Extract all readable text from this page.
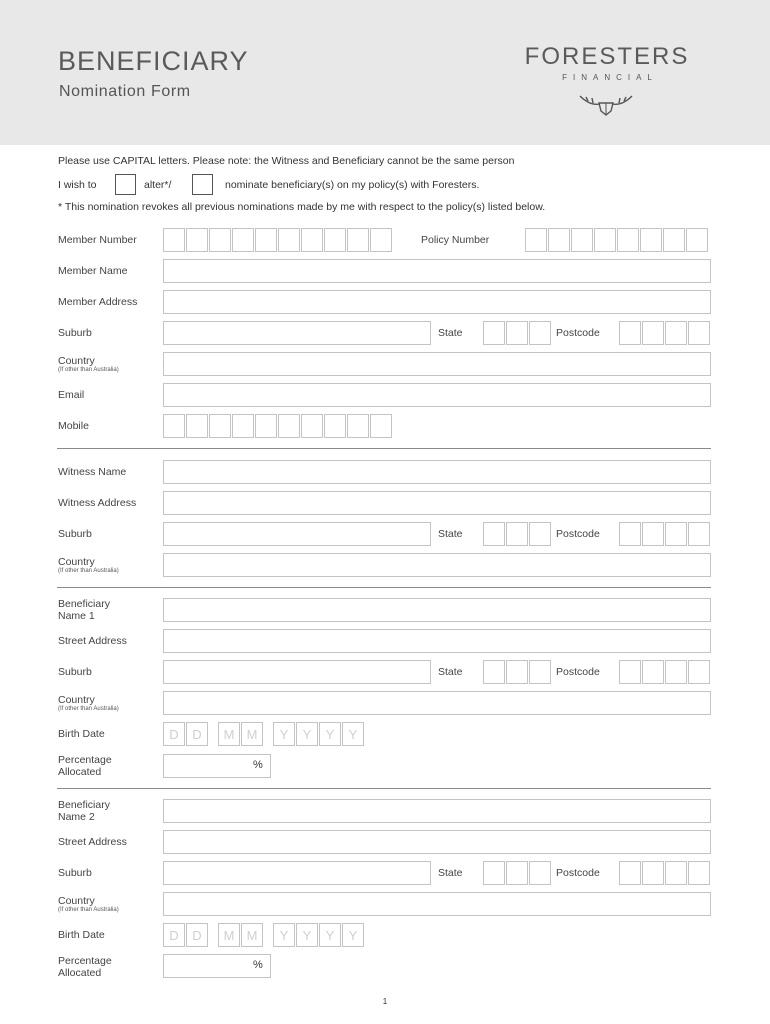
BENEFICIARY
Nomination Form
FORESTERS
FINANCIAL
Please use CAPITAL letters. Please note: the Witness and Beneficiary cannot be the same person
I wish to	alter*/	nominate beneficiary(s) on my policy(s) with Foresters.
* This nomination revokes all previous nominations made by me with respect to the policy(s) listed below.
Member Number	Policy Number
Member Name
Member Address
Suburb	State	Postcode
Country
(If other than Australia)
Email
Mobile
Witness Name
Witness Address
Suburb	State	Postcode
Country
(If other than Australia)
Beneficiary
Name 1
Street Address
Suburb	State	Postcode
Country
(If other than Australia)
Birth Date	D	D	M M	Y	Y	Y	Y
Percentage
Allocated
%
Beneficiary
Name 2
Street Address
Suburb	State	Postcode
Country
(If other than Australia)
Birth Date	D	D	M M	Y	Y	Y	Y
Percentage
Allocated
%
1
